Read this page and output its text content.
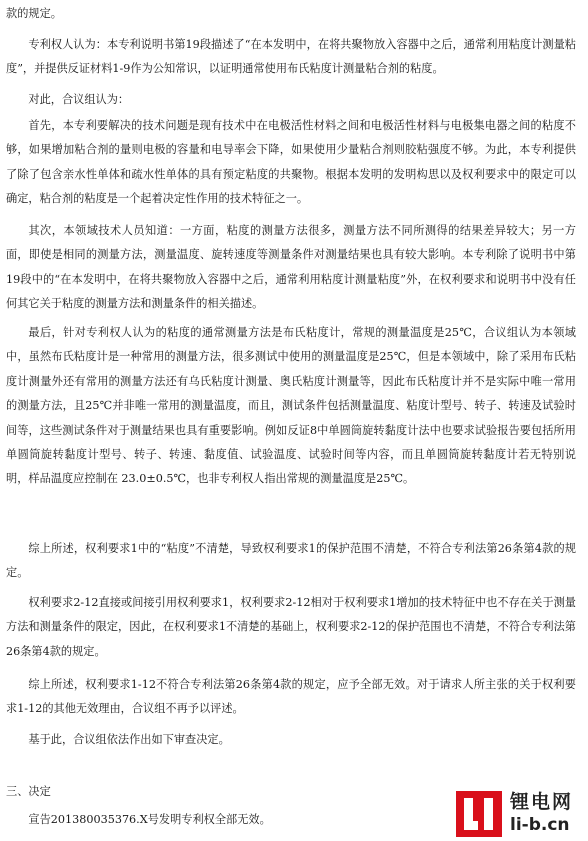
款的规定。

专利权人认为：本专利说明书第19段描述了“在本发明中，在将共聚物放入容器中之后，通常利用粘度计测量粘度”，并提供反证材料1-9作为公知常识，以证明通常使用布氏粘度计测量粘合剂的粘度。

对此，合议组认为：

首先，本专利要解决的技术问题是现有技术中在电极活性材料之间和电极活性材料与电极集电器之间的粘度不够，如果增加粘合剂的量则电极的容量和电导率会下降，如果使用少量粘合剂则胶粘强度不够。为此，本专利提供了除了包含亲水性单体和疏水性单体的具有预定粘度的共聚物。根据本发明的发明构思以及权利要求中的限定可以确定，粘合剂的粘度是一个起着决定性作用的技术特征之一。

其次，本领域技术人员知道：一方面，粘度的测量方法很多，测量方法不同所测得的结果差异较大；另一方面，即使是相同的测量方法，测量温度、旋转速度等测量条件对测量结果也具有较大影响。本专利除了说明书中第19段中的“在本发明中，在将共聚物放入容器中之后，通常利用粘度计测量粘度”外，在权利要求和说明书中没有任何其它关于粘度的测量方法和测量条件的相关描述。

最后，针对专利权人认为的粘度的通常测量方法是布氏粘度计，常规的测量温度是25℃，合议组认为本领域中，虽然布氏粘度计是一种常用的测量方法，很多测试中使用的测量温度是25℃，但是本领域中，除了采用布氏粘度计测量外还有常用的测量方法还有乌氏粘度计测量、奥氏粘度计测量等，因此布氏粘度计并不是实际中唯一常用的测量方法，且25℃并非唯一常用的测量温度，而且，测试条件包括测量温度、粘度计型号、转子、转速及试验时间等，这些测试条件对于测量结果也具有重要影响。例如反证8中单圆筒旋转黏度计法中也要求试验报告要包括所用单圆筒旋转黏度计型号、转子、转速、黏度值、试验温度、试验时间等内容，而且单圆筒旋转黏度计若无特别说明，样品温度应控制在 23.0±0.5℃，也非专利权人指出常规的测量温度是25℃。

综上所述，权利要求1中的“粘度”不清楚，导致权利要求1的保护范围不清楚，不符合专利法第26条第4款的规定。

权利要求2-12直接或间接引用权利要求1，权利要求2-12相对于权利要求1增加的技术特征中也不存在关于测量方法和测量条件的限定，因此，在权利要求1不清楚的基础上，权利要求2-12的保护范围也不清楚，不符合专利法第26条第4款的规定。

综上所述，权利要求1-12不符合专利法第26条第4款的规定，应予全部无效。对于请求人所主张的关于权利要求1-12的其他无效理由，合议组不再予以评述。

基于此，合议组依法作出如下审查决定。

三、决定

宣告201380035376.X号发明专利权全部无效。

锂电网
li-b.cn
